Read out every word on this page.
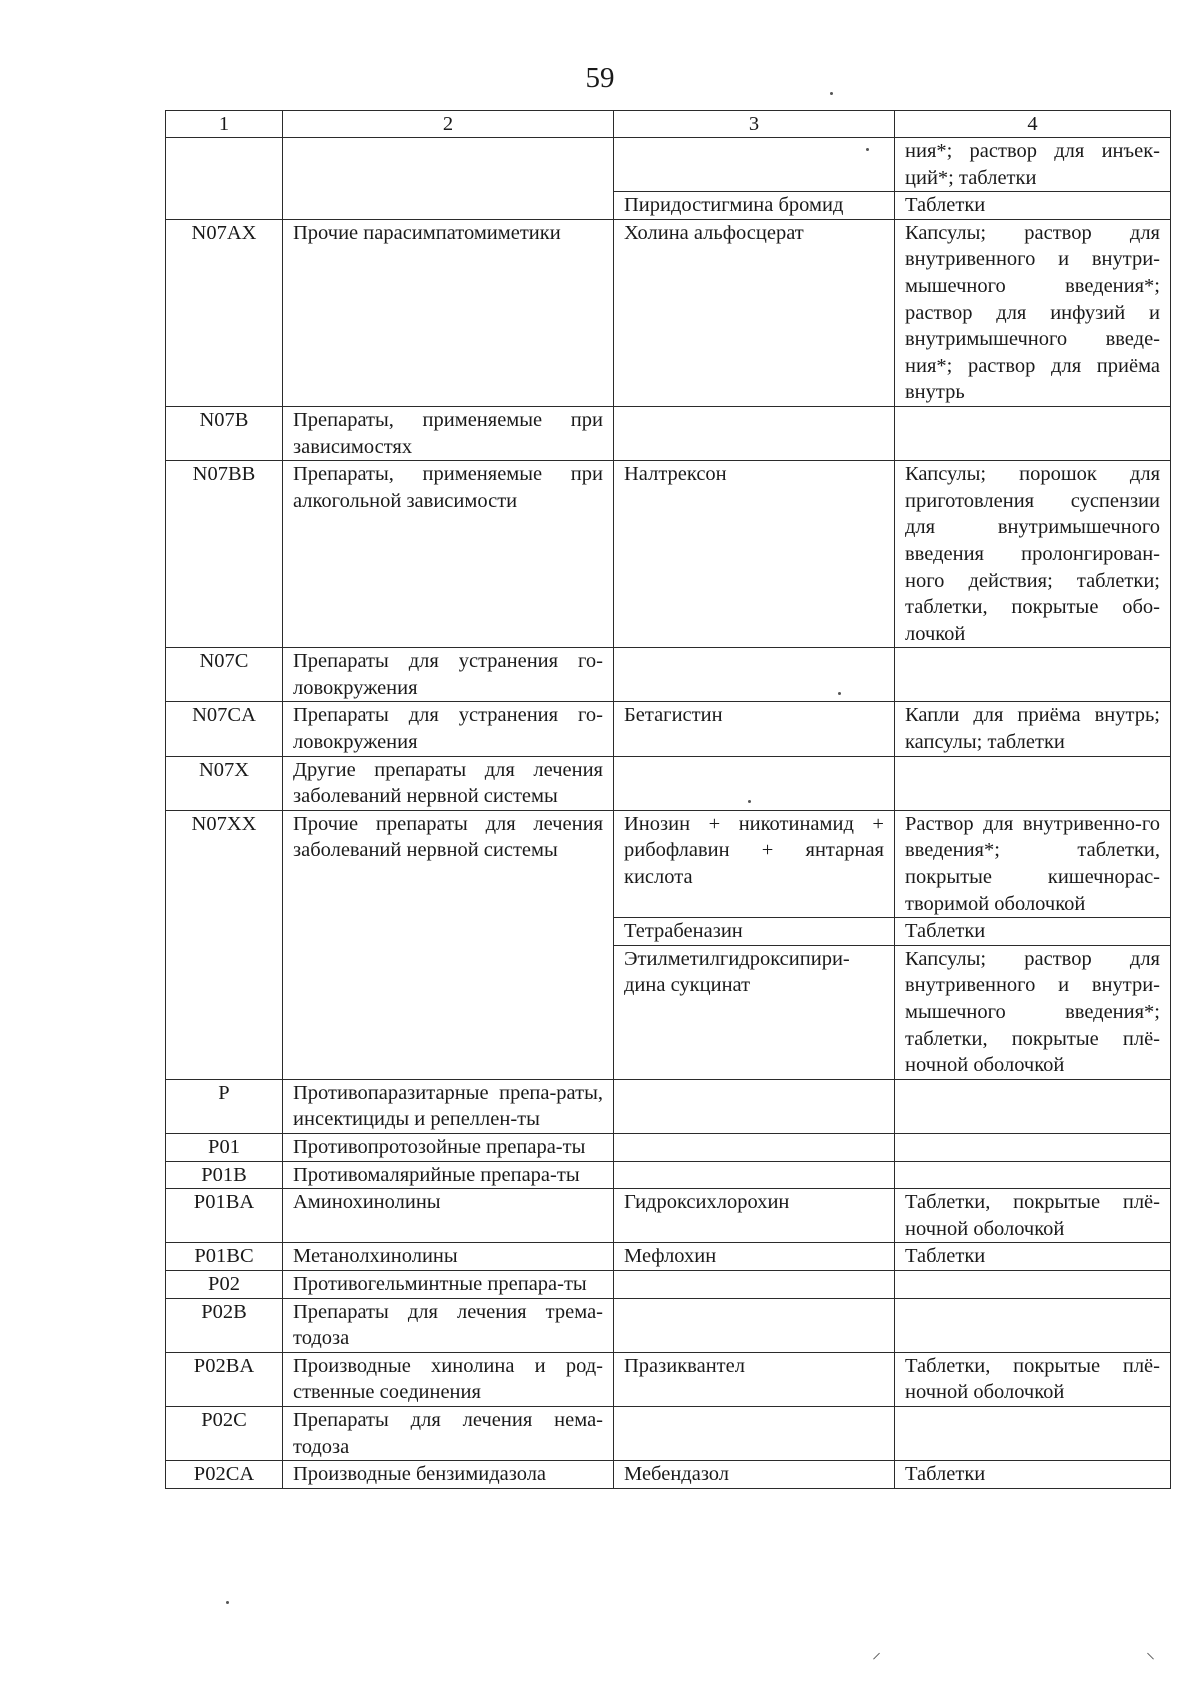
59
1	2	3	4
			ния*; раствор для инъек-ций*; таблетки
		Пиридостигмина бромид	Таблетки
N07AX	Прочие парасимпатомиметики	Холина альфосцерат	Капсулы; раствор для внутривенного и внутри-мышечного введения*; раствор для инфузий и внутримышечного введе-ния*; раствор для приёма внутрь
N07B	Препараты, применяемые при зависимостях		
N07BB	Препараты, применяемые при алкогольной зависимости	Налтрексон	Капсулы; порошок для приготовления суспензии для внутримышечного введения пролонгирован-ного действия; таблетки; таблетки, покрытые обо-лочкой
N07C	Препараты для устранения го-ловокружения		
N07CA	Препараты для устранения го-ловокружения	Бетагистин	Капли для приёма внутрь; капсулы; таблетки
N07X	Другие препараты для лечения заболеваний нервной системы		
N07XX	Прочие препараты для лечения заболеваний нервной системы	Инозин + никотинамид + рибофлавин + янтарная кислота	Раствор для внутривенно-го введения*; таблетки, покрытые кишечнорас-творимой оболочкой
		Тетрабеназин	Таблетки
		Этилметилгидроксипири-дина сукцинат	Капсулы; раствор для внутривенного и внутри-мышечного введения*; таблетки, покрытые плё-ночной оболочкой
P	Противопаразитарные препа-раты, инсектициды и репеллен-ты		
P01	Противопротозойные препара-ты		
P01B	Противомалярийные препара-ты		
P01BA	Аминохинолины	Гидроксихлорохин	Таблетки, покрытые плё-ночной оболочкой
P01BC	Метанолхинолины	Мефлохин	Таблетки
P02	Противогельминтные препара-ты		
P02B	Препараты для лечения трема-тодоза		
P02BA	Производные хинолина и род-ственные соединения	Празиквантел	Таблетки, покрытые плё-ночной оболочкой
P02C	Препараты для лечения нема-тодоза		
P02CA	Производные бензимидазола	Мебендазол	Таблетки
⸝	⸜
